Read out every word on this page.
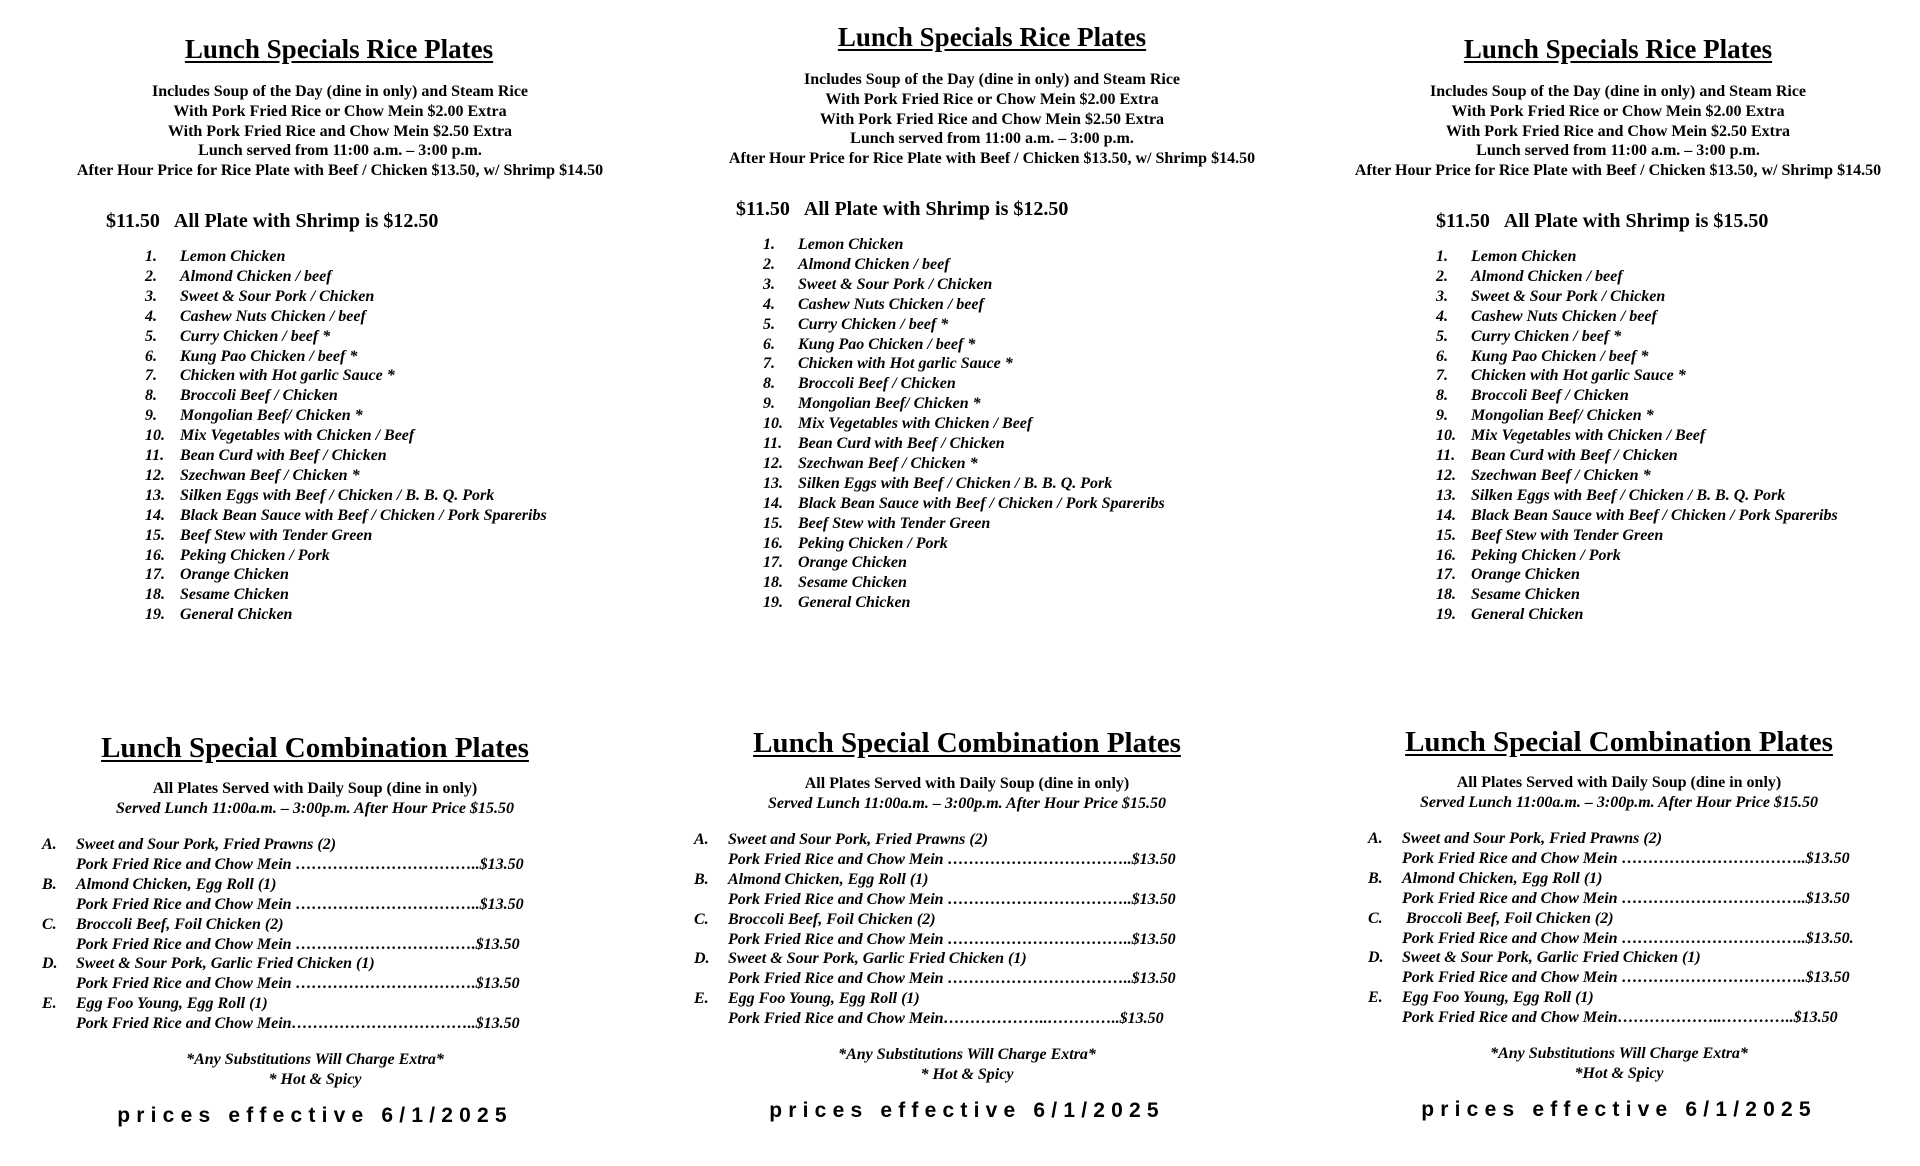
Lunch Specials Rice Plates
Includes Soup of the Day (dine in only) and Steam Rice
With Pork Fried Rice or Chow Mein $2.00 Extra
With Pork Fried Rice and Chow Mein $2.50 Extra
Lunch served from 11:00 a.m. – 3:00 p.m.
After Hour Price for Rice Plate with Beef / Chicken $13.50, w/ Shrimp $14.50
$11.50 All Plate with Shrimp is $12.50
1. Lemon Chicken
2. Almond Chicken / beef
3. Sweet & Sour Pork / Chicken
4. Cashew Nuts Chicken / beef
5. Curry Chicken / beef *
6. Kung Pao Chicken / beef *
7. Chicken with Hot garlic Sauce *
8. Broccoli Beef / Chicken
9. Mongolian Beef/ Chicken *
10. Mix Vegetables with Chicken / Beef
11. Bean Curd with Beef / Chicken
12. Szechwan Beef / Chicken *
13. Silken Eggs with Beef / Chicken / B. B. Q. Pork
14. Black Bean Sauce with Beef / Chicken / Pork Spareribs
15. Beef Stew with Tender Green
16. Peking Chicken / Pork
17. Orange Chicken
18. Sesame Chicken
19. General Chicken
Lunch Specials Rice Plates
Includes Soup of the Day (dine in only) and Steam Rice
With Pork Fried Rice or Chow Mein $2.00 Extra
With Pork Fried Rice and Chow Mein $2.50 Extra
Lunch served from 11:00 a.m. – 3:00 p.m.
After Hour Price for Rice Plate with Beef / Chicken $13.50, w/ Shrimp $14.50
$11.50 All Plate with Shrimp is $12.50
1. Lemon Chicken
2. Almond Chicken / beef
3. Sweet & Sour Pork / Chicken
4. Cashew Nuts Chicken / beef
5. Curry Chicken / beef *
6. Kung Pao Chicken / beef *
7. Chicken with Hot garlic Sauce *
8. Broccoli Beef / Chicken
9. Mongolian Beef/ Chicken *
10. Mix Vegetables with Chicken / Beef
11. Bean Curd with Beef / Chicken
12. Szechwan Beef / Chicken *
13. Silken Eggs with Beef / Chicken / B. B. Q. Pork
14. Black Bean Sauce with Beef / Chicken / Pork Spareribs
15. Beef Stew with Tender Green
16. Peking Chicken / Pork
17. Orange Chicken
18. Sesame Chicken
19. General Chicken
Lunch Specials Rice Plates
Includes Soup of the Day (dine in only) and Steam Rice
With Pork Fried Rice or Chow Mein $2.00 Extra
With Pork Fried Rice and Chow Mein $2.50 Extra
Lunch served from 11:00 a.m. – 3:00 p.m.
After Hour Price for Rice Plate with Beef / Chicken $13.50, w/ Shrimp $14.50
$11.50 All Plate with Shrimp is $15.50
1. Lemon Chicken
2. Almond Chicken / beef
3. Sweet & Sour Pork / Chicken
4. Cashew Nuts Chicken / beef
5. Curry Chicken / beef *
6. Kung Pao Chicken / beef *
7. Chicken with Hot garlic Sauce *
8. Broccoli Beef / Chicken
9. Mongolian Beef/ Chicken *
10. Mix Vegetables with Chicken / Beef
11. Bean Curd with Beef / Chicken
12. Szechwan Beef / Chicken *
13. Silken Eggs with Beef / Chicken / B. B. Q. Pork
14. Black Bean Sauce with Beef / Chicken / Pork Spareribs
15. Beef Stew with Tender Green
16. Peking Chicken / Pork
17. Orange Chicken
18. Sesame Chicken
19. General Chicken
Lunch Special Combination Plates
All Plates Served with Daily Soup (dine in only)
Served Lunch 11:00a.m. – 3:00p.m. After Hour Price $15.50
A. Sweet and Sour Pork, Fried Prawns (2)
Pork Fried Rice and Chow Mein ……………………………..$13.50
B. Almond Chicken, Egg Roll (1)
Pork Fried Rice and Chow Mein ……………………………..$13.50
C. Broccoli Beef, Foil Chicken (2)
Pork Fried Rice and Chow Mein …………………………….$13.50
D. Sweet & Sour Pork, Garlic Fried Chicken (1)
Pork Fried Rice and Chow Mein …………………………….$13.50
E. Egg Foo Young, Egg Roll (1)
Pork Fried Rice and Chow Mein……………………………..$13.50
*Any Substitutions Will Charge Extra*
* Hot & Spicy
prices effective 6/1/2025
Lunch Special Combination Plates
All Plates Served with Daily Soup (dine in only)
Served Lunch 11:00a.m. – 3:00p.m. After Hour Price $15.50
A. Sweet and Sour Pork, Fried Prawns (2)
Pork Fried Rice and Chow Mein ……………………………..$13.50
B. Almond Chicken, Egg Roll (1)
Pork Fried Rice and Chow Mein ……………………………..$13.50
C. Broccoli Beef, Foil Chicken (2)
Pork Fried Rice and Chow Mein ……………………………..$13.50
D. Sweet & Sour Pork, Garlic Fried Chicken (1)
Pork Fried Rice and Chow Mein ……………………………..$13.50
E. Egg Foo Young, Egg Roll (1)
Pork Fried Rice and Chow Mein………………..…………..$13.50
*Any Substitutions Will Charge Extra*
* Hot & Spicy
prices effective 6/1/2025
Lunch Special Combination Plates
All Plates Served with Daily Soup (dine in only)
Served Lunch 11:00a.m. – 3:00p.m. After Hour Price $15.50
A. Sweet and Sour Pork, Fried Prawns (2)
Pork Fried Rice and Chow Mein ……………………………..$13.50
B. Almond Chicken, Egg Roll (1)
Pork Fried Rice and Chow Mein ……………………………..$13.50
C. Broccoli Beef, Foil Chicken (2)
Pork Fried Rice and Chow Mein ……………………………..$13.50.
D. Sweet & Sour Pork, Garlic Fried Chicken (1)
Pork Fried Rice and Chow Mein ……………………………..$13.50
E. Egg Foo Young, Egg Roll (1)
Pork Fried Rice and Chow Mein………………..…………..$13.50
*Any Substitutions Will Charge Extra*
*Hot & Spicy
prices effective 6/1/2025
